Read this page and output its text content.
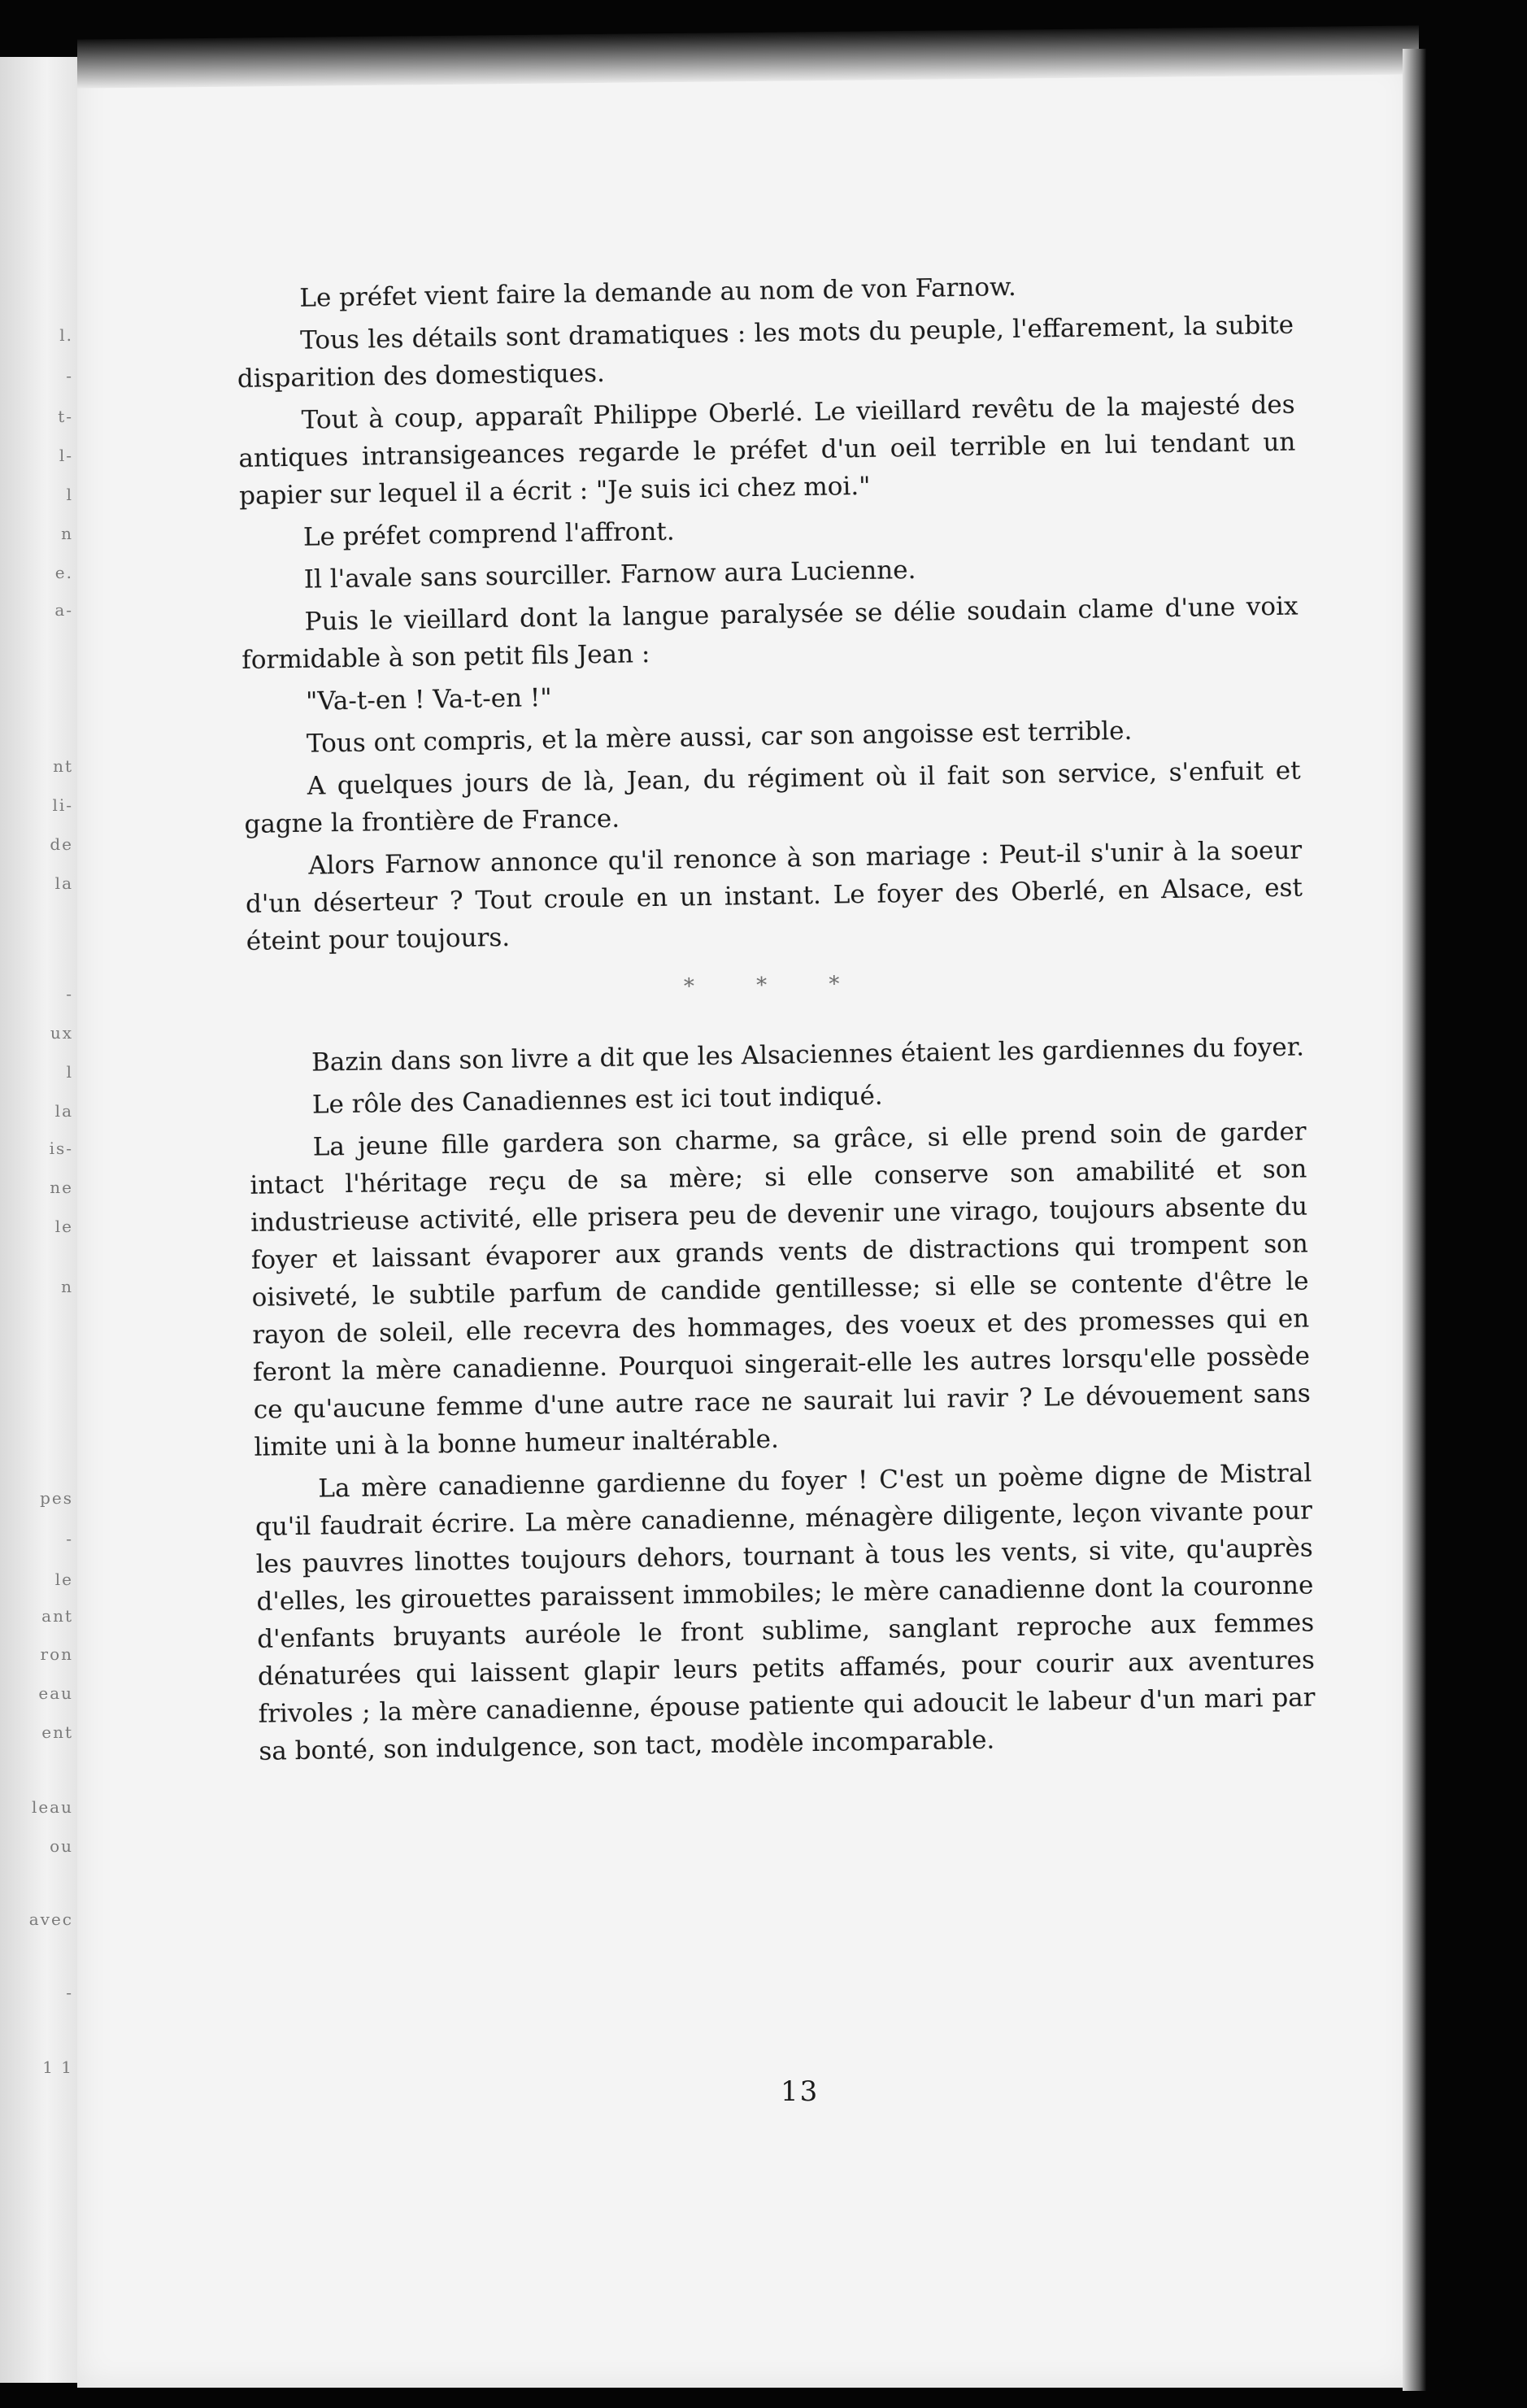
l.
-
t-
l-
l
n
e.
a-
nt
li-
de
la
-
ux
l
la
is-
ne
le
n
pes
-
le
ant
ron
eau
ent
leau
ou
avec
-
1 1

Le préfet vient faire la demande au nom de von Farnow.

Tous les détails sont dramatiques : les mots du peuple, l'effarement, la subite disparition des domestiques.

Tout à coup, apparaît Philippe Oberlé. Le vieillard revêtu de la majesté des antiques intransigeances regarde le préfet d'un oeil terrible en lui tendant un papier sur lequel il a écrit : "Je suis ici chez moi."

Le préfet comprend l'affront.

Il l'avale sans sourciller. Farnow aura Lucienne.

Puis le vieillard dont la langue paralysée se délie soudain clame d'une voix formidable à son petit fils Jean :

"Va-t-en ! Va-t-en !"

Tous ont compris, et la mère aussi, car son angoisse est terrible.

A quelques jours de là, Jean, du régiment où il fait son service, s'enfuit et gagne la frontière de France.

Alors Farnow annonce qu'il renonce à son mariage : Peut-il s'unir à la soeur d'un déserteur ? Tout croule en un instant. Le foyer des Oberlé, en Alsace, est éteint pour toujours.

* * *

Bazin dans son livre a dit que les Alsaciennes étaient les gardiennes du foyer.

Le rôle des Canadiennes est ici tout indiqué.

La jeune fille gardera son charme, sa grâce, si elle prend soin de garder intact l'héritage reçu de sa mère; si elle conserve son amabilité et son industrieuse activité, elle prisera peu de devenir une virago, toujours absente du foyer et laissant évaporer aux grands vents de distractions qui trompent son oisiveté, le subtile parfum de candide gentillesse; si elle se contente d'être le rayon de soleil, elle recevra des hommages, des voeux et des promesses qui en feront la mère canadienne. Pourquoi singerait-elle les autres lorsqu'elle possède ce qu'aucune femme d'une autre race ne saurait lui ravir ? Le dévouement sans limite uni à la bonne humeur inaltérable.

La mère canadienne gardienne du foyer ! C'est un poème digne de Mistral qu'il faudrait écrire. La mère canadienne, ménagère diligente, leçon vivante pour les pauvres linottes toujours dehors, tournant à tous les vents, si vite, qu'auprès d'elles, les girouettes paraissent immobiles; le mère canadienne dont la couronne d'enfants bruyants auréole le front sublime, sanglant reproche aux femmes dénaturées qui laissent glapir leurs petits affamés, pour courir aux aventures frivoles ; la mère canadienne, épouse patiente qui adoucit le labeur d'un mari par sa bonté, son indulgence, son tact, modèle incomparable.

13
